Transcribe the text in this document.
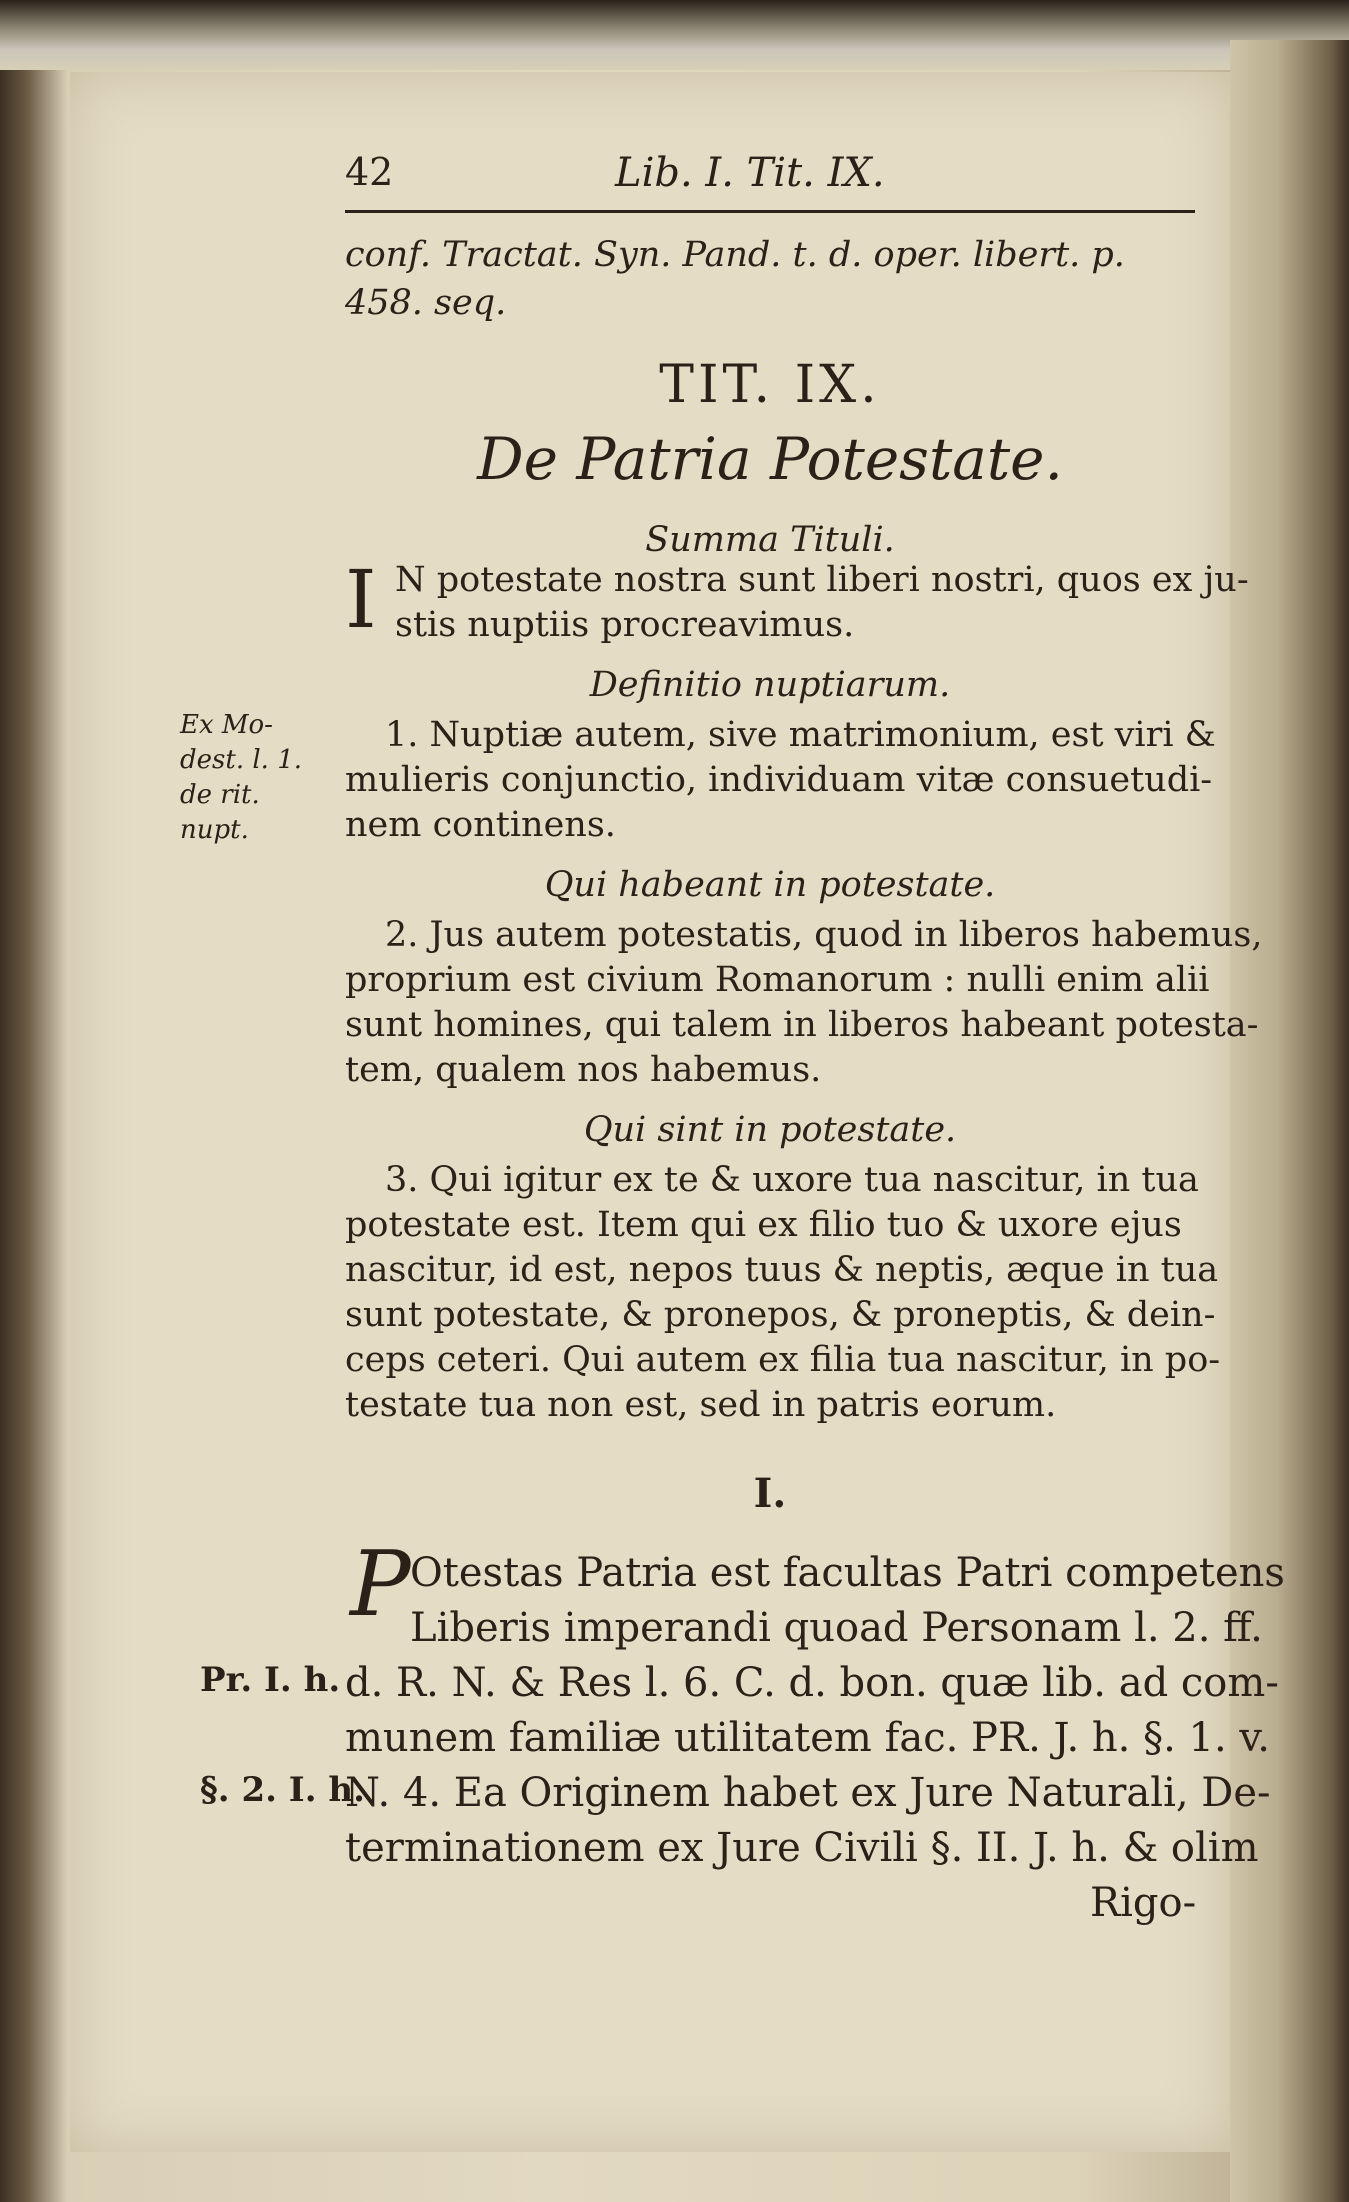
42	Lib. I. Tit. IX.
conf. Tractat. Syn. Pand. t. d. oper. libert. p.
458. seq.
TIT. IX.
De Patria Potestate.
Summa Tituli.
I N potestate nostra sunt liberi nostri, quos ex ju-
stis nuptiis procreavimus.
Definitio nuptiarum.
1. Nuptiæ autem, sive matrimonium, est viri &
mulieris conjunctio, individuam vitæ consuetudi-
nem continens.
Qui habeant in potestate.
2. Jus autem potestatis, quod in liberos habemus,
proprium est civium Romanorum : nulli enim alii
sunt homines, qui talem in liberos habeant potesta-
tem, qualem nos habemus.
Qui sint in potestate.
3. Qui igitur ex te & uxore tua nascitur, in tua
potestate est. Item qui ex filio tuo & uxore ejus
nascitur, id est, nepos tuus & neptis, æque in tua
sunt potestate, & pronepos, & proneptis, & dein-
ceps ceteri. Qui autem ex filia tua nascitur, in po-
testate tua non est, sed in patris eorum.
I.
P Otestas Patria est facultas Patri competens
Liberis imperandi quoad Personam l. 2. ff.
d. R. N. & Res l. 6. C. d. bon. quæ lib. ad com-
munem familiæ utilitatem fac. PR. J. h. §. 1. v.
N. 4. Ea Originem habet ex Jure Naturali, De-
terminationem ex Jure Civili §. II. J. h. & olim
Rigo-
Ex Mo-
dest. l. 1.
de rit.
nupt.
Pr. I. h.
§. 2. I. h.
